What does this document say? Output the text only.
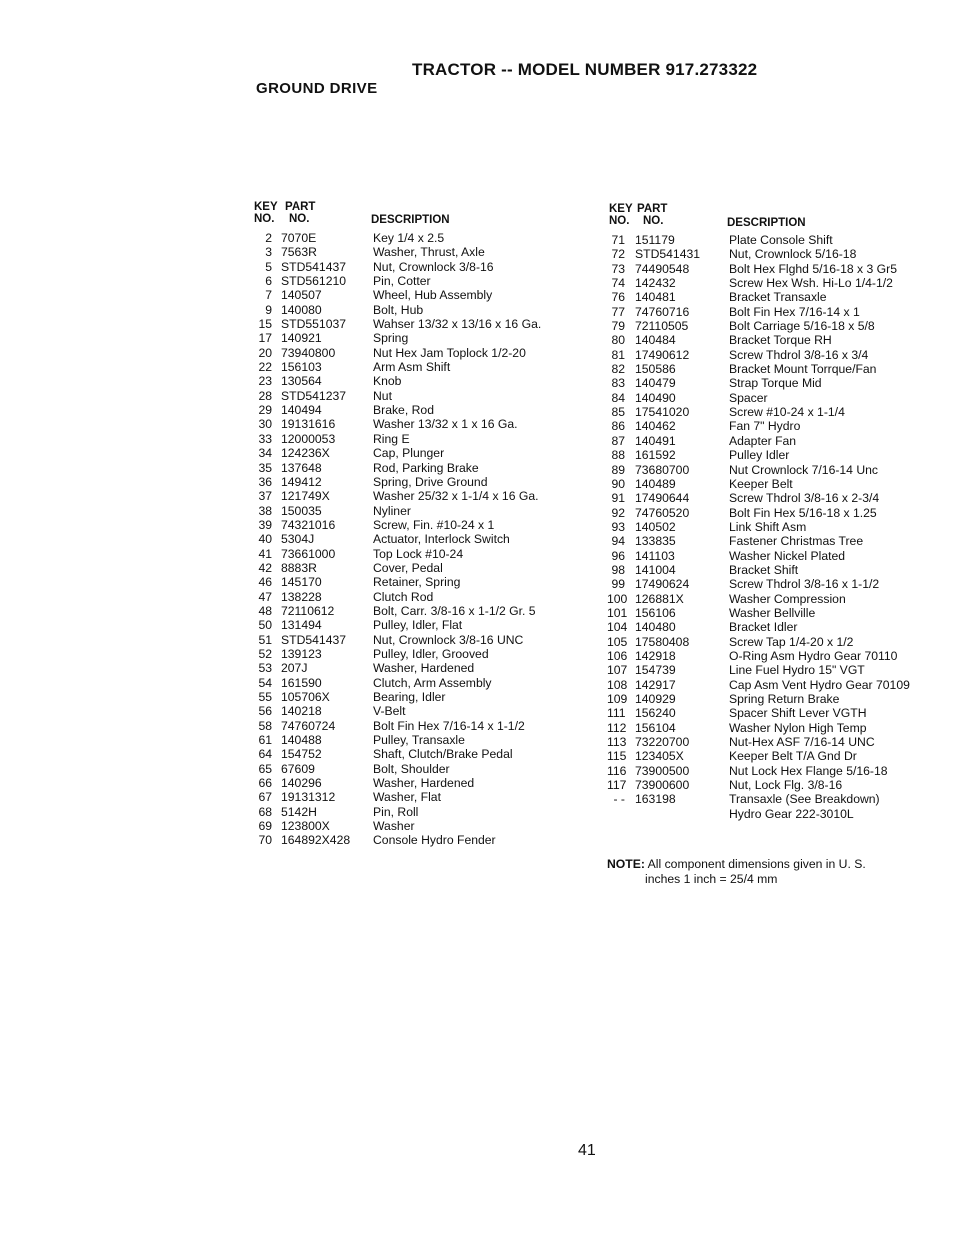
TRACTOR -- MODEL NUMBER 917.273322
GROUND DRIVE
KEY PART
NO. NO.	DESCRIPTION
2 7070E	Key 1/4 x 2.5
3 7563R	Washer, Thrust, Axle
5 STD541437 Nut, Crownlock 3/8-16
6 STD561210 Pin, Cotter
7 140507	Wheel, Hub Assembly
9 140080	Bolt, Hub
15 STD551037 Wahser 13/32 x 13/16 x 16 Ga.
17 140921	Spring
20 73940800	Nut Hex Jam Toplock 1/2-20
22 156103	Arm Asm Shift
23 130564	Knob
28 STD541237 Nut
29 140494	Brake, Rod
30 19131616	Washer 13/32 x 1 x 16 Ga.
33 12000053	Ring E
34 124236X	Cap, Plunger
35 137648	Rod, Parking Brake
36 149412	Spring, Drive Ground
37 121749X	Washer 25/32 x 1-1/4 x 16 Ga.
38 150035	Nyliner
39 74321016	Screw, Fin. #10-24 x 1
40 5304J	Actuator, Interlock Switch
41 73661000	Top Lock #10-24
42 8883R	Cover, Pedal
46 145170	Retainer, Spring
47 138228	Clutch Rod
48 72110612	Bolt, Carr. 3/8-16 x 1-1/2 Gr. 5
50 131494	Pulley, Idler, Flat
51 STD541437 Nut, Crownlock 3/8-16 UNC
52 139123	Pulley, Idler, Grooved
53 207J	Washer, Hardened
54 161590	Clutch, Arm Assembly
55 105706X	Bearing, Idler
56 140218	V-Belt
58 74760724	Bolt Fin Hex 7/16-14 x 1-1/2
61 140488	Pulley, Transaxle
64 154752	Shaft, Clutch/Brake Pedal
65 67609	Bolt, Shoulder
66 140296	Washer, Hardened
67 19131312	Washer, Flat
68 5142H	Pin, Roll
69 123800X	Washer
70 164892X428 Console Hydro Fender
KEY PART
NO. NO.	DESCRIPTION
71 151179	Plate Console Shift
72 STD541431 Nut, Crownlock 5/16-18
73 74490548	Bolt Hex Flghd 5/16-18 x 3 Gr5
74 142432	Screw Hex Wsh. Hi-Lo 1/4-1/2
76 140481	Bracket Transaxle
77 74760716	Bolt Fin Hex 7/16-14 x 1
79 72110505	Bolt Carriage 5/16-18 x 5/8
80 140484	Bracket Torque RH
81 17490612	Screw Thdrol 3/8-16 x 3/4
82 150586	Bracket Mount Torrque/Fan
83 140479	Strap Torque Mid
84 140490	Spacer
85 17541020	Screw #10-24 x 1-1/4
86 140462	Fan 7" Hydro
87 140491	Adapter Fan
88 161592	Pulley Idler
89 73680700	Nut Crownlock 7/16-14 Unc
90 140489	Keeper Belt
91 17490644	Screw Thdrol 3/8-16 x 2-3/4
92 74760520	Bolt Fin Hex 5/16-18 x 1.25
93 140502	Link Shift Asm
94 133835	Fastener Christmas Tree
96 141103	Washer Nickel Plated
98 141004	Bracket Shift
99 17490624	Screw Thdrol 3/8-16 x 1-1/2
100 126881X	Washer Compression
101 156106	Washer Bellville
104 140480	Bracket Idler
105 17580408	Screw Tap 1/4-20 x 1/2
106 142918	O-Ring Asm Hydro Gear 70110
107 154739	Line Fuel Hydro 15" VGT
108 142917	Cap Asm Vent Hydro Gear 70109
109 140929	Spring Return Brake
111 156240	Spacer Shift Lever VGTH
112 156104	Washer Nylon High Temp
113 73220700	Nut-Hex ASF 7/16-14 UNC
115 123405X	Keeper Belt T/A Gnd Dr
116 73900500	Nut Lock Hex Flange 5/16-18
117 73900600	Nut, Lock Flg. 3/8-16
- - 163198	Transaxle (See Breakdown)
Hydro Gear 222-3010L
NOTE: All component dimensions given in U. S.
inches 1 inch = 25/4 mm
41
